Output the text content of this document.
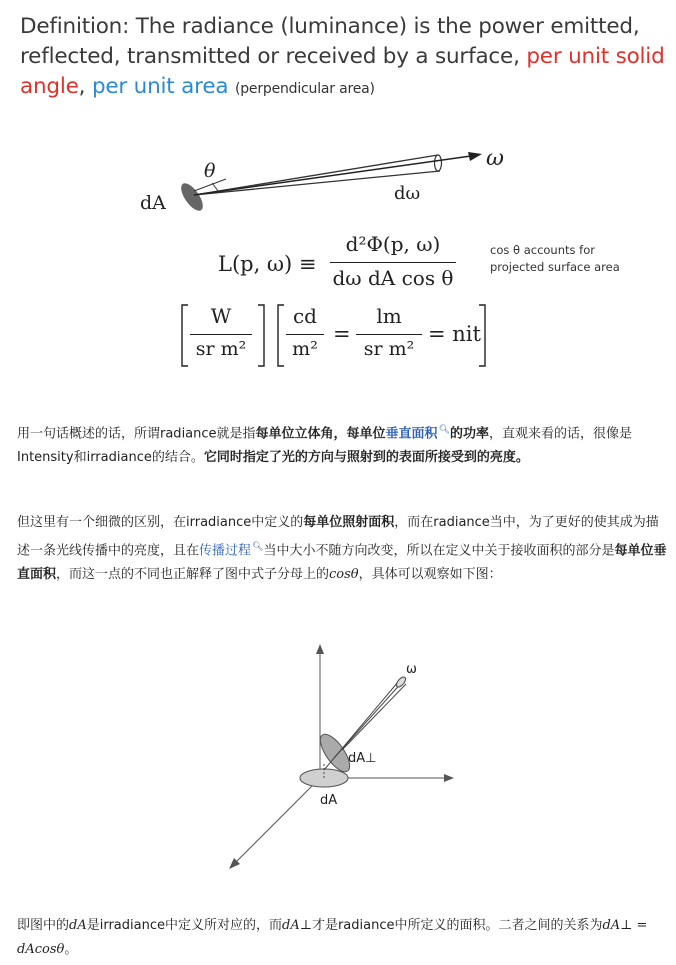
Definition: The radiance (luminance) is the power emitted, reflected, transmitted or received by a surface, per unit solid angle, per unit area (perpendicular area)
θ	ω
dω
dA
L(p, ω) ≡
d²Φ(p, ω)
dω dA cos θ
cos θ accounts for
projected surface area
W
sr m²
cd
m²
=
lm
sr m²
= nit
用一句话概述的话，所谓radiance就是指每单位立体角，每单位垂直面积🔍︎的功率，直观来看的话，很像是Intensity和irradiance的结合。它同时指定了光的方向与照射到的表面所接受到的亮度。
但这里有一个细微的区别，在irradiance中定义的每单位照射面积，而在radiance当中，为了更好的使其成为描述一条光线传播中的亮度，且在传播过程🔍︎当中大小不随方向改变，所以在定义中关于接收面积的部分是每单位垂直面积，而这一点的不同也正解释了图中式子分母上的cosθ，具体可以观察如下图：
ω
dA⊥
dA
即图中的dA是irradiance中定义所对应的，而dA⊥才是radiance中所定义的面积。二者之间的关系为dA⊥ = dAcosθ。
